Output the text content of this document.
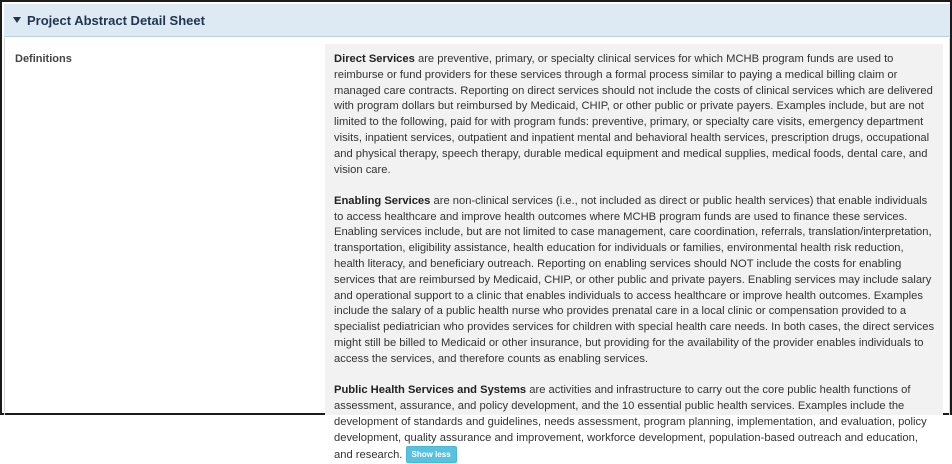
Project Abstract Detail Sheet
Definitions	Direct Services are preventive, primary, or specialty clinical services for which MCHB program funds are used to reimburse or fund providers for these services through a formal process similar to paying a medical billing claim or managed care contracts. Reporting on direct services should not include the costs of clinical services which are delivered with program dollars but reimbursed by Medicaid, CHIP, or other public or private payers. Examples include, but are not limited to the following, paid for with program funds: preventive, primary, or specialty care visits, emergency department visits, inpatient services, outpatient and inpatient mental and behavioral health services, prescription drugs, occupational and physical therapy, speech therapy, durable medical equipment and medical supplies, medical foods, dental care, and vision care.

Enabling Services are non-clinical services (i.e., not included as direct or public health services) that enable individuals to access healthcare and improve health outcomes where MCHB program funds are used to finance these services. Enabling services include, but are not limited to case management, care coordination, referrals, translation/interpretation, transportation, eligibility assistance, health education for individuals or families, environmental health risk reduction, health literacy, and beneficiary outreach. Reporting on enabling services should NOT include the costs for enabling services that are reimbursed by Medicaid, CHIP, or other public and private payers. Enabling services may include salary and operational support to a clinic that enables individuals to access healthcare or improve health outcomes. Examples include the salary of a public health nurse who provides prenatal care in a local clinic or compensation provided to a specialist pediatrician who provides services for children with special health care needs. In both cases, the direct services might still be billed to Medicaid or other insurance, but providing for the availability of the provider enables individuals to access the services, and therefore counts as enabling services.

Public Health Services and Systems are activities and infrastructure to carry out the core public health functions of assessment, assurance, and policy development, and the 10 essential public health services. Examples include the development of standards and guidelines, needs assessment, program planning, implementation, and evaluation, policy development, quality assurance and improvement, workforce development, population-based outreach and education, and research. Show less
